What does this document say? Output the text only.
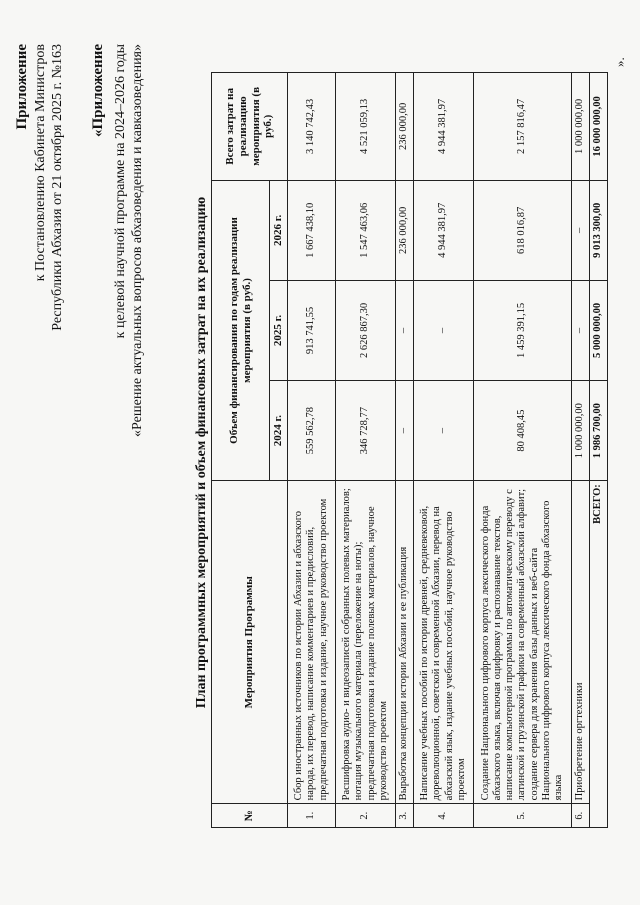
Приложение к Постановлению Кабинета Министров Республики Абхазия от 21 октября 2025 г. №163 «Приложение к целевой научной программе на 2024–2026 годы «Решение актуальных вопросов абхазоведения и кавказоведения»	План программных мероприятий и объем финансовых затрат на их реализацию
№	Мероприятия Программы	Объем финансирования по годам реализации мероприятия (в руб.)			Всего затрат на реализацию мероприятия (в руб.)
		2024 г.	2025 г.	2026 г.	
1.	Сбор иностранных источников по истории Абхазии и абхазского народа, их перевод, написание комментариев и предисловий, предпечатная подготовка и издание, научное руководство проектом	559 562,78	913 741,55	1 667 438,10	3 140 742,43
2.	Расшифровка аудио- и видеозаписей собранных полевых материалов; нотация музыкального материала (переложение на ноты); предпечатная подготовка и издание полевых материалов, научное руководство проектом	346 728,77	2 626 867,30	1 547 463,06	4 521 059,13
3.	Выработка концепции истории Абхазии и ее публикация	–	–	236 000,00	236 000,00
4.	Написание учебных пособий по истории древней, средневековой, дореволюционной, советской и современной Абхазии, перевод на абхазский язык, издание учебных пособий, научное руководство проектом	–	–	4 944 381,97	4 944 381,97
5.	Создание Национального цифрового корпуса лексического фонда абхазского языка, включая оцифровку и распознавание текстов, написание компьютерной программы по автоматическому переводу с латинской и грузинской графики на современный абхазский алфавит; создание сервера для хранения базы данных и веб-сайта Национального цифрового корпуса лексического фонда абхазского языка	80 408,45	1 459 391,15	618 016,87	2 157 816,47
6.	Приобретение оргтехники	1 000 000,00	–	–	1 000 000,00
ВСЕГО:		1 986 700,00	5 000 000,00	9 013 300,00	16 000 000,00
».
